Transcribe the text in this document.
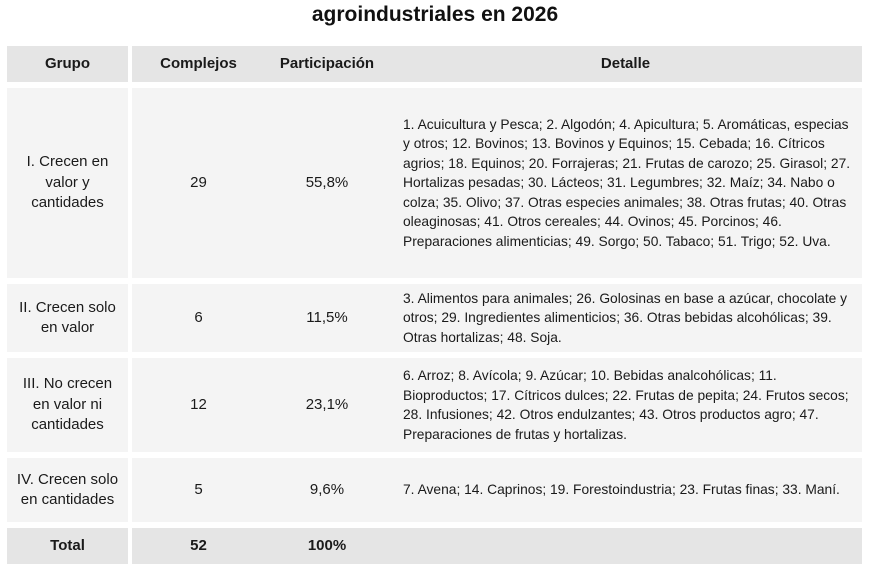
agroindustriales en 2026
Grupo	Complejos	Participación	Detalle
I. Crecen en valor y cantidades	29	55,8%	1. Acuicultura y Pesca; 2. Algodón; 4. Apicultura; 5. Aromáticas, especias y otros; 12. Bovinos; 13. Bovinos y Equinos; 15. Cebada; 16. Cítricos agrios; 18. Equinos; 20. Forrajeras; 21. Frutas de carozo; 25. Girasol; 27. Hortalizas pesadas; 30. Lácteos; 31. Legumbres; 32. Maíz; 34. Nabo o colza; 35. Olivo; 37. Otras especies animales; 38. Otras frutas; 40. Otras oleaginosas; 41. Otros cereales; 44. Ovinos; 45. Porcinos; 46. Preparaciones alimenticias; 49. Sorgo; 50. Tabaco; 51. Trigo; 52. Uva.
II. Crecen solo en valor	6	11,5%	3. Alimentos para animales; 26. Golosinas en base a azúcar, chocolate y otros; 29. Ingredientes alimenticios; 36. Otras bebidas alcohólicas; 39. Otras hortalizas; 48. Soja.
III. No crecen en valor ni cantidades	12	23,1%	6. Arroz; 8. Avícola; 9. Azúcar; 10. Bebidas analcohólicas; 11. Bioproductos; 17. Cítricos dulces; 22. Frutas de pepita; 24. Frutos secos; 28. Infusiones; 42. Otros endulzantes; 43. Otros productos agro; 47. Preparaciones de frutas y hortalizas.
IV. Crecen solo en cantidades	5	9,6%	7. Avena; 14. Caprinos; 19. Forestoindustria; 23. Frutas finas; 33. Maní.
Total	52	100%	
